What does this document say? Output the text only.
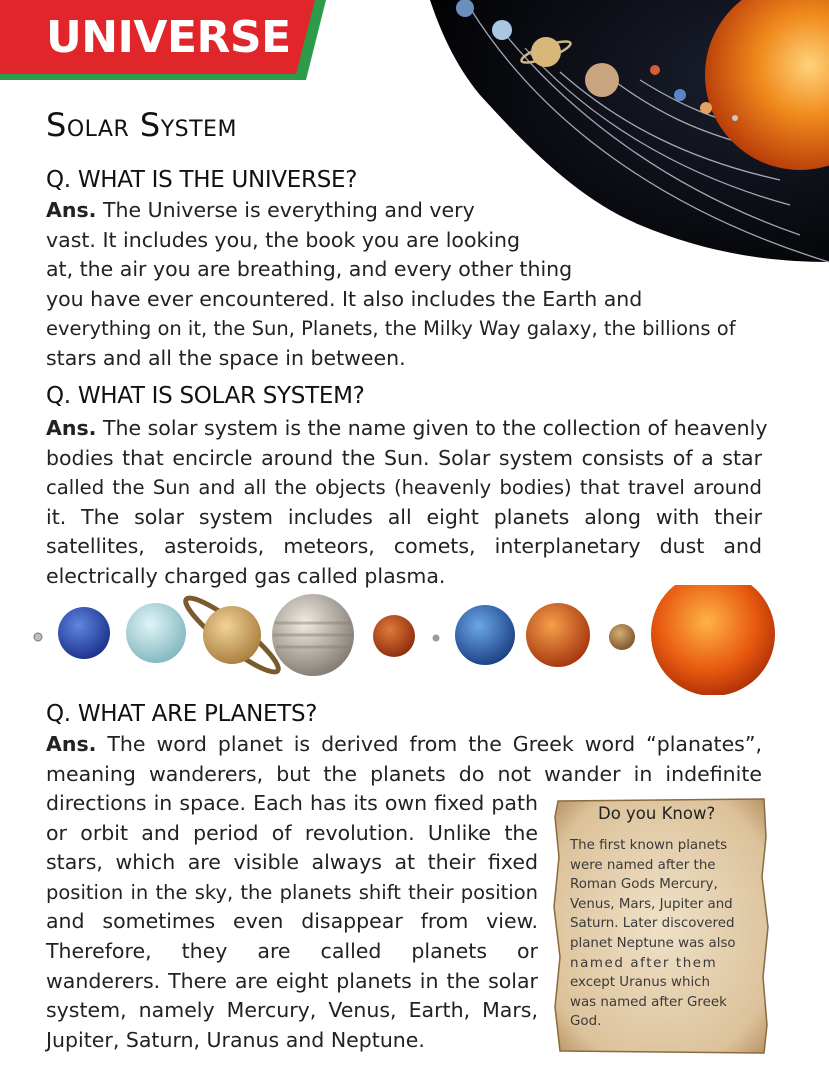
UNIVERSE
Solar System
Q. WHAT IS THE UNIVERSE?
Ans. The Universe is everything and very
vast. It includes you, the book you are looking
at, the air you are breathing, and every other thing
you have ever encountered. It also includes the Earth and
everything on it, the Sun, Planets, the Milky Way galaxy, the billions of
stars and all the space in between.
Q. WHAT IS SOLAR SYSTEM?
Ans. The solar system is the name given to the collection of heavenly
bodies that encircle around the Sun. Solar system consists of a star
called the Sun and all the objects (heavenly bodies) that travel around
it. The solar system includes all eight planets along with their
satellites, asteroids, meteors, comets, interplanetary dust and
electrically charged gas called plasma.
Q. WHAT ARE PLANETS?
Ans. The word planet is derived from the Greek word “planates”,
meaning wanderers, but the planets do not wander in indefinite
directions in space. Each has its own fixed path
or orbit and period of revolution. Unlike the
stars, which are visible always at their fixed
position in the sky, the planets shift their position
and sometimes even disappear from view.
Therefore, they are called planets or
wanderers. There are eight planets in the solar
system, namely Mercury, Venus, Earth, Mars,
Jupiter, Saturn, Uranus and Neptune.
Do you Know?
The first known planets
were named after the
Roman Gods Mercury,
Venus, Mars, Jupiter and
Saturn. Later discovered
planet Neptune was also
named after them
except Uranus which
was named after Greek
God.
